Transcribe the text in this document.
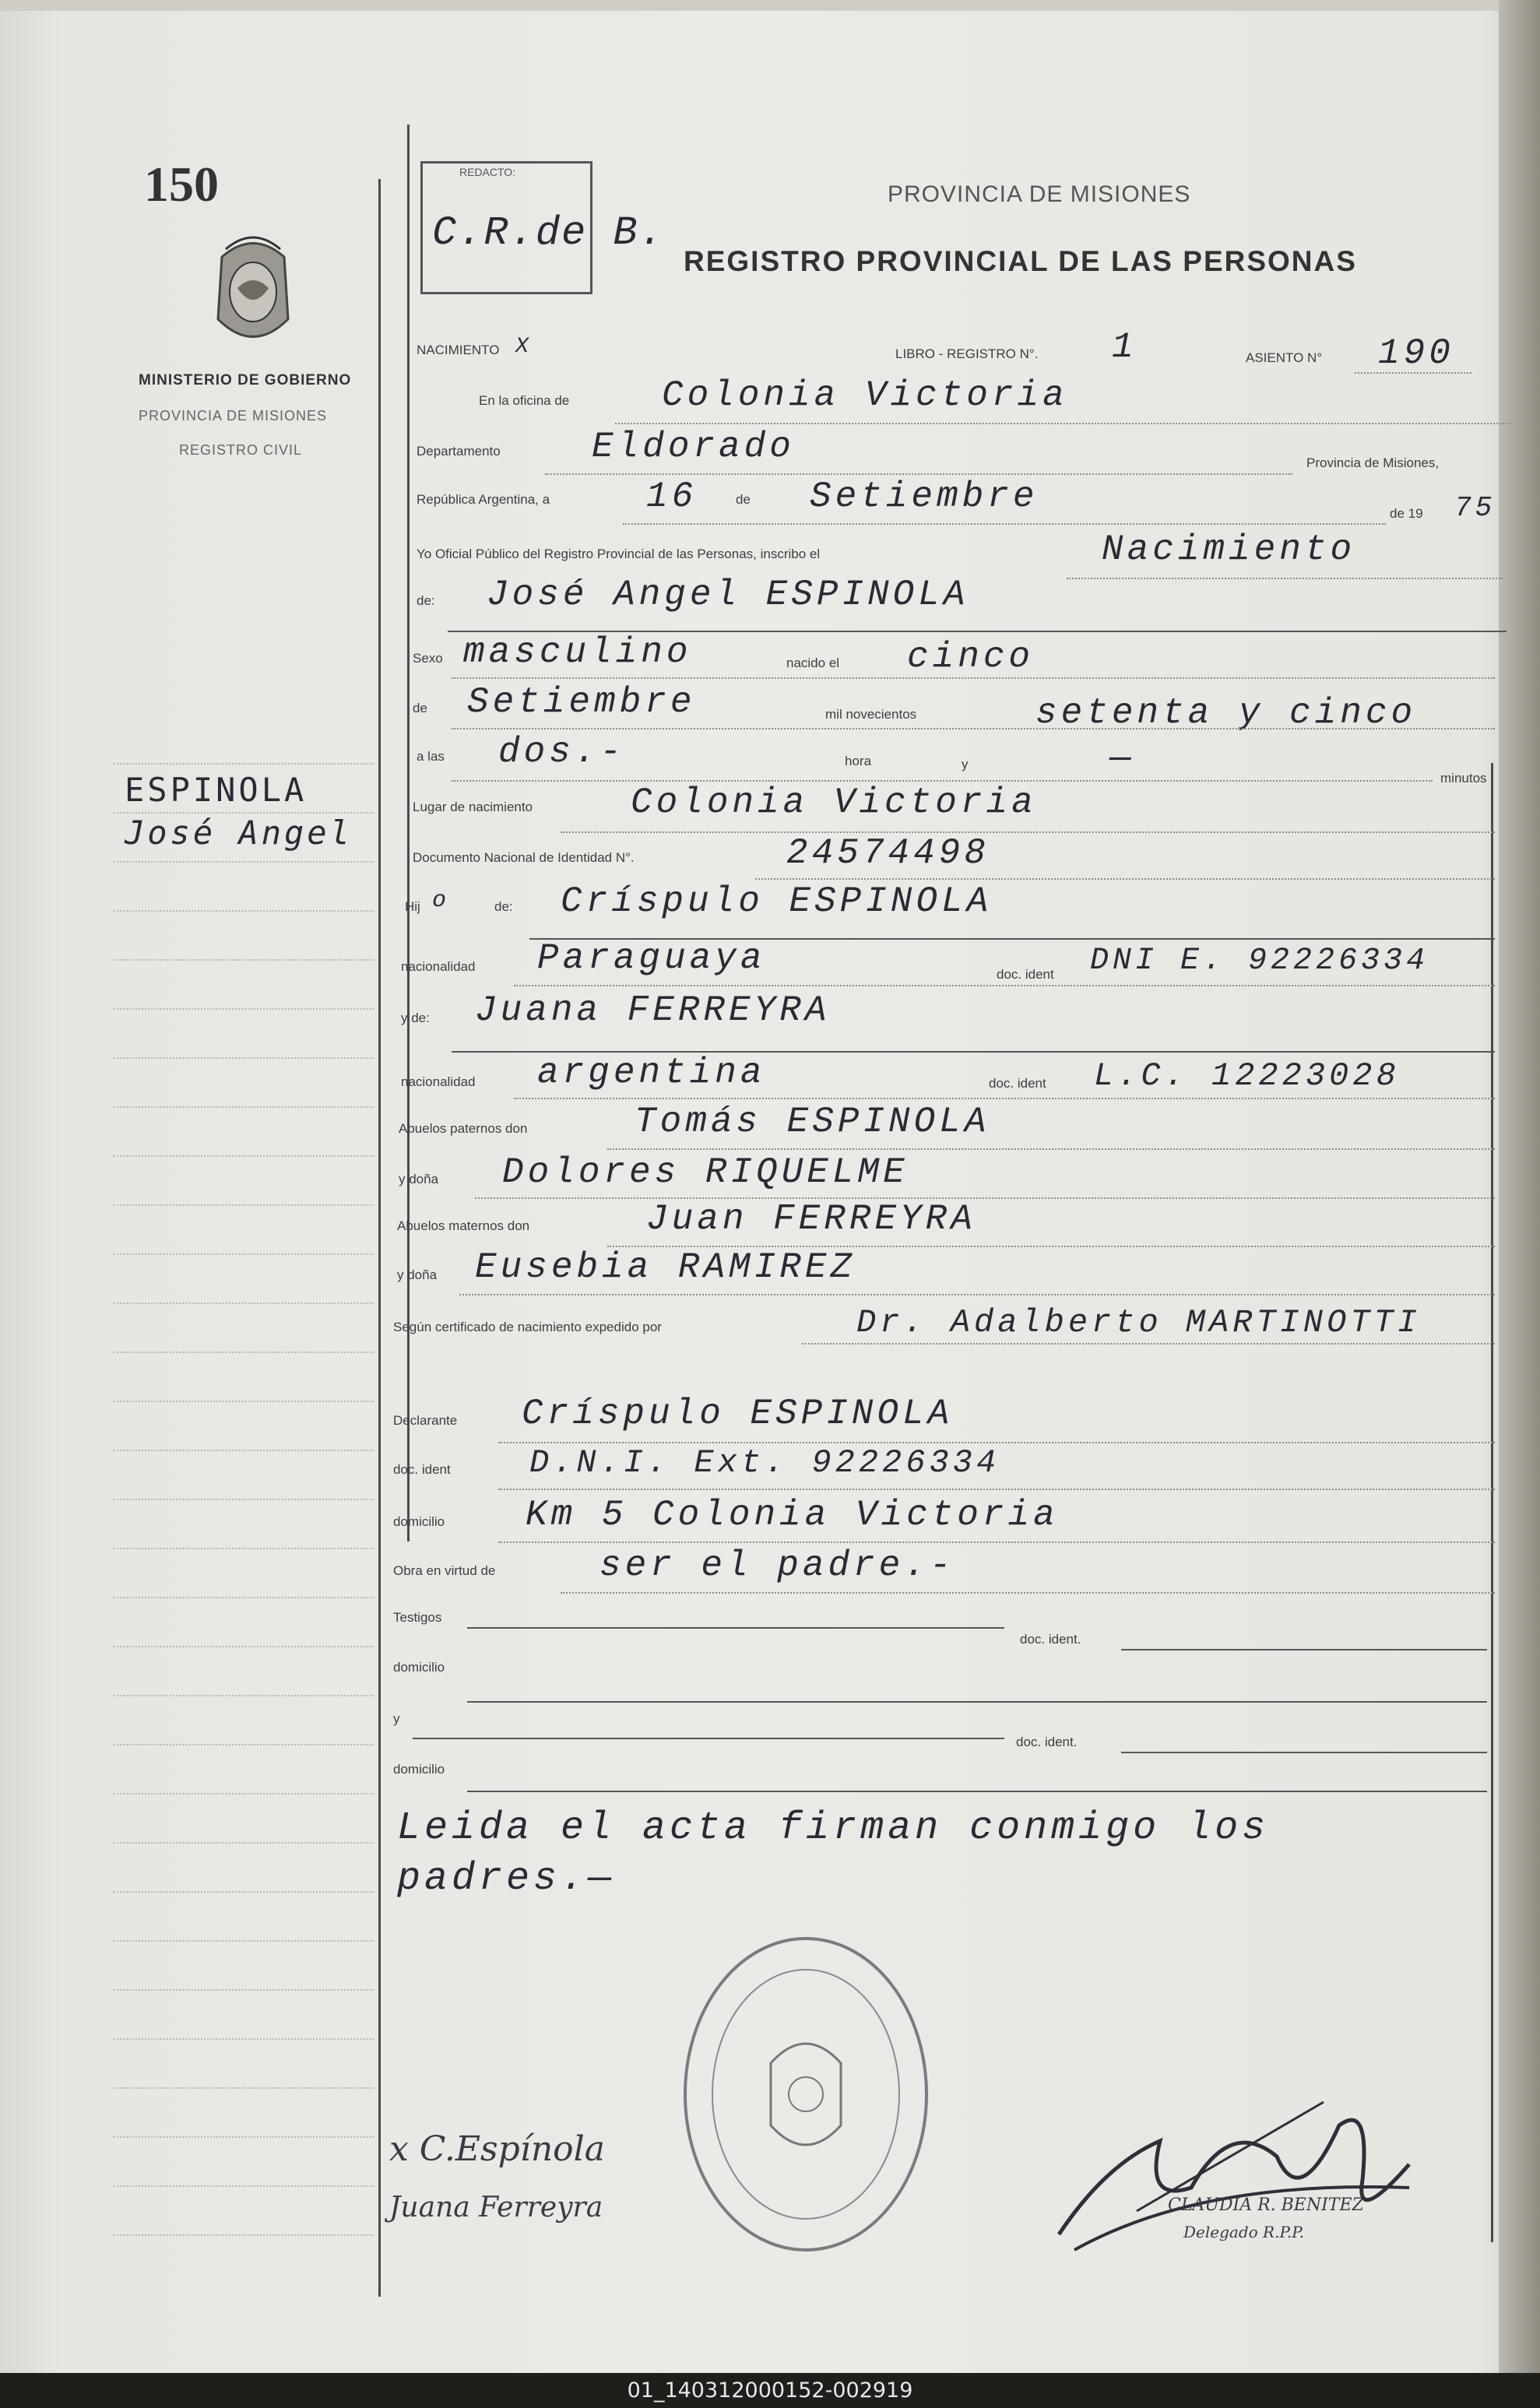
150
MINISTERIO DE GOBIERNO
PROVINCIA DE MISIONES
REGISTRO CIVIL
REDACTO:
C.R.de B.
PROVINCIA DE MISIONES
REGISTRO PROVINCIAL DE LAS PERSONAS
ESPINOLA
José Angel
NACIMIENTO X	LIBRO - REGISTRO N°. 1	ASIENTO N° 190
En la oficina de	Colonia Victoria
Departamento	Eldorado	Provincia de Misiones,
República Argentina, a	16	de Setiembre	de 19 75
Yo Oficial Público del Registro Provincial de las Personas, inscribo el	Nacimiento
de: José Angel ESPINOLA
Sexo masculino	nacido el cinco
de Setiembre	mil novecientos	setenta y cinco
a las dos.-	hora	y	—	minutos
Lugar de nacimiento	Colonia Victoria
Documento Nacional de Identidad N°.	24574498
Hij o	de: Críspulo ESPINOLA
nacionalidad Paraguaya	doc. ident DNI E. 92226334
y de: Juana FERREYRA
nacionalidad argentina	doc. ident L.C. 12223028
Abuelos paternos don	Tomás ESPINOLA
y doña Dolores RIQUELME
Abuelos maternos don	Juan FERREYRA
y doña Eusebia RAMIREZ
Según certificado de nacimiento expedido por	Dr. Adalberto MARTINOTTI
Declarante Críspulo ESPINOLA
doc. ident D.N.I. Ext. 92226334
domicilio Km 5 Colonia Victoria
Obra en virtud de	ser el padre.-
Testigos
doc. ident.
domicilio
y
doc. ident.
domicilio
Leida el acta firman conmigo los
padres.—
CLAUDIA R. BENITEZ
Delegado R.P.P.
x C.Espínola
Juana Ferreyra
01_140312000152-002919
